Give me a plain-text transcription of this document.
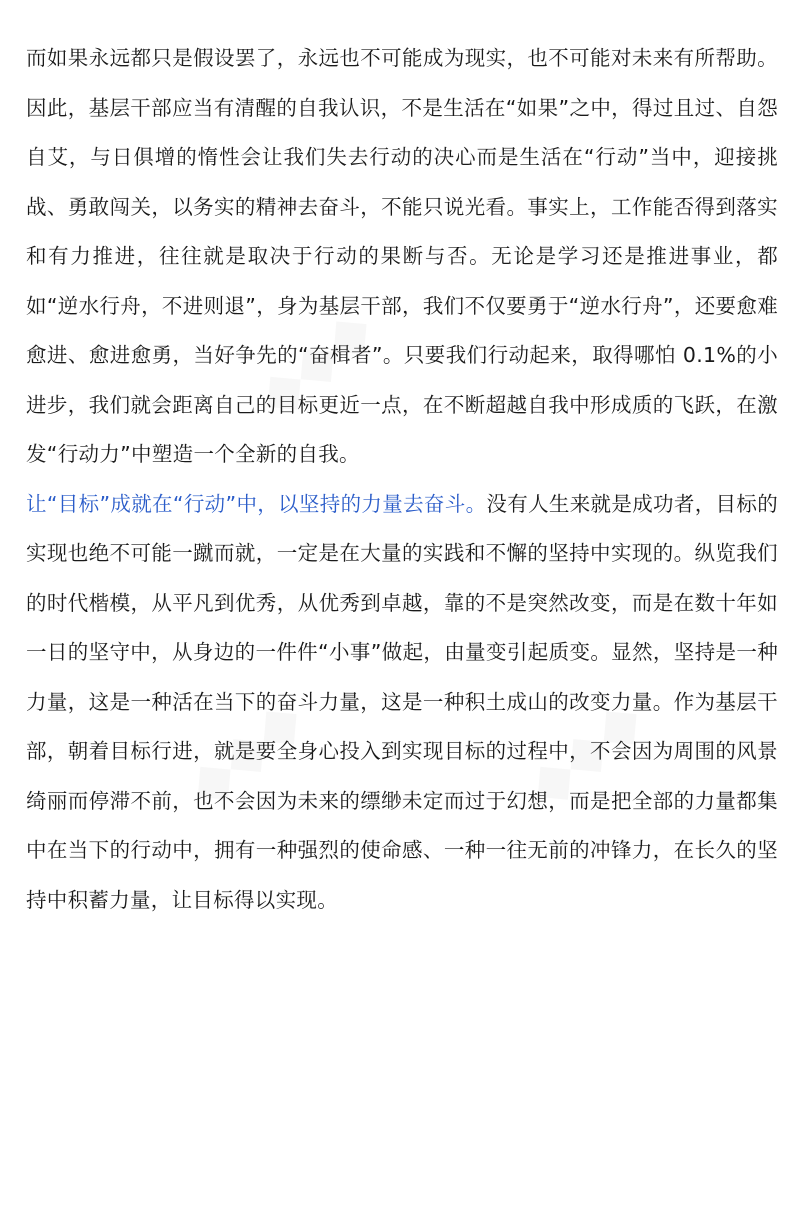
而如果永远都只是假设罢了，永远也不可能成为现实，也不可能对未来有所帮助。因此，基层干部应当有清醒的自我认识，不是生活在“如果”之中，得过且过、自怨自艾，与日俱增的惰性会让我们失去行动的决心而是生活在“行动”当中，迎接挑战、勇敢闯关，以务实的精神去奋斗，不能只说光看。事实上，工作能否得到落实和有力推进，往往就是取决于行动的果断与否。无论是学习还是推进事业，都如“逆水行舟，不进则退”，身为基层干部，我们不仅要勇于“逆水行舟”，还要愈难愈进、愈进愈勇，当好争先的“奋楫者”。只要我们行动起来，取得哪怕 0.1%的小进步，我们就会距离自己的目标更近一点，在不断超越自我中形成质的飞跃，在激发“行动力”中塑造一个全新的自我。

让“目标”成就在“行动”中，以坚持的力量去奋斗。没有人生来就是成功者，目标的实现也绝不可能一蹴而就，一定是在大量的实践和不懈的坚持中实现的。纵览我们的时代楷模，从平凡到优秀，从优秀到卓越，靠的不是突然改变，而是在数十年如一日的坚守中，从身边的一件件“小事”做起，由量变引起质变。显然，坚持是一种力量，这是一种活在当下的奋斗力量，这是一种积土成山的改变力量。作为基层干部，朝着目标行进，就是要全身心投入到实现目标的过程中，不会因为周围的风景绮丽而停滞不前，也不会因为未来的缥缈未定而过于幻想，而是把全部的力量都集中在当下的行动中，拥有一种强烈的使命感、一种一往无前的冲锋力，在长久的坚持中积蓄力量，让目标得以实现。

◆◆◆
◆◆◆	◆◆◆
